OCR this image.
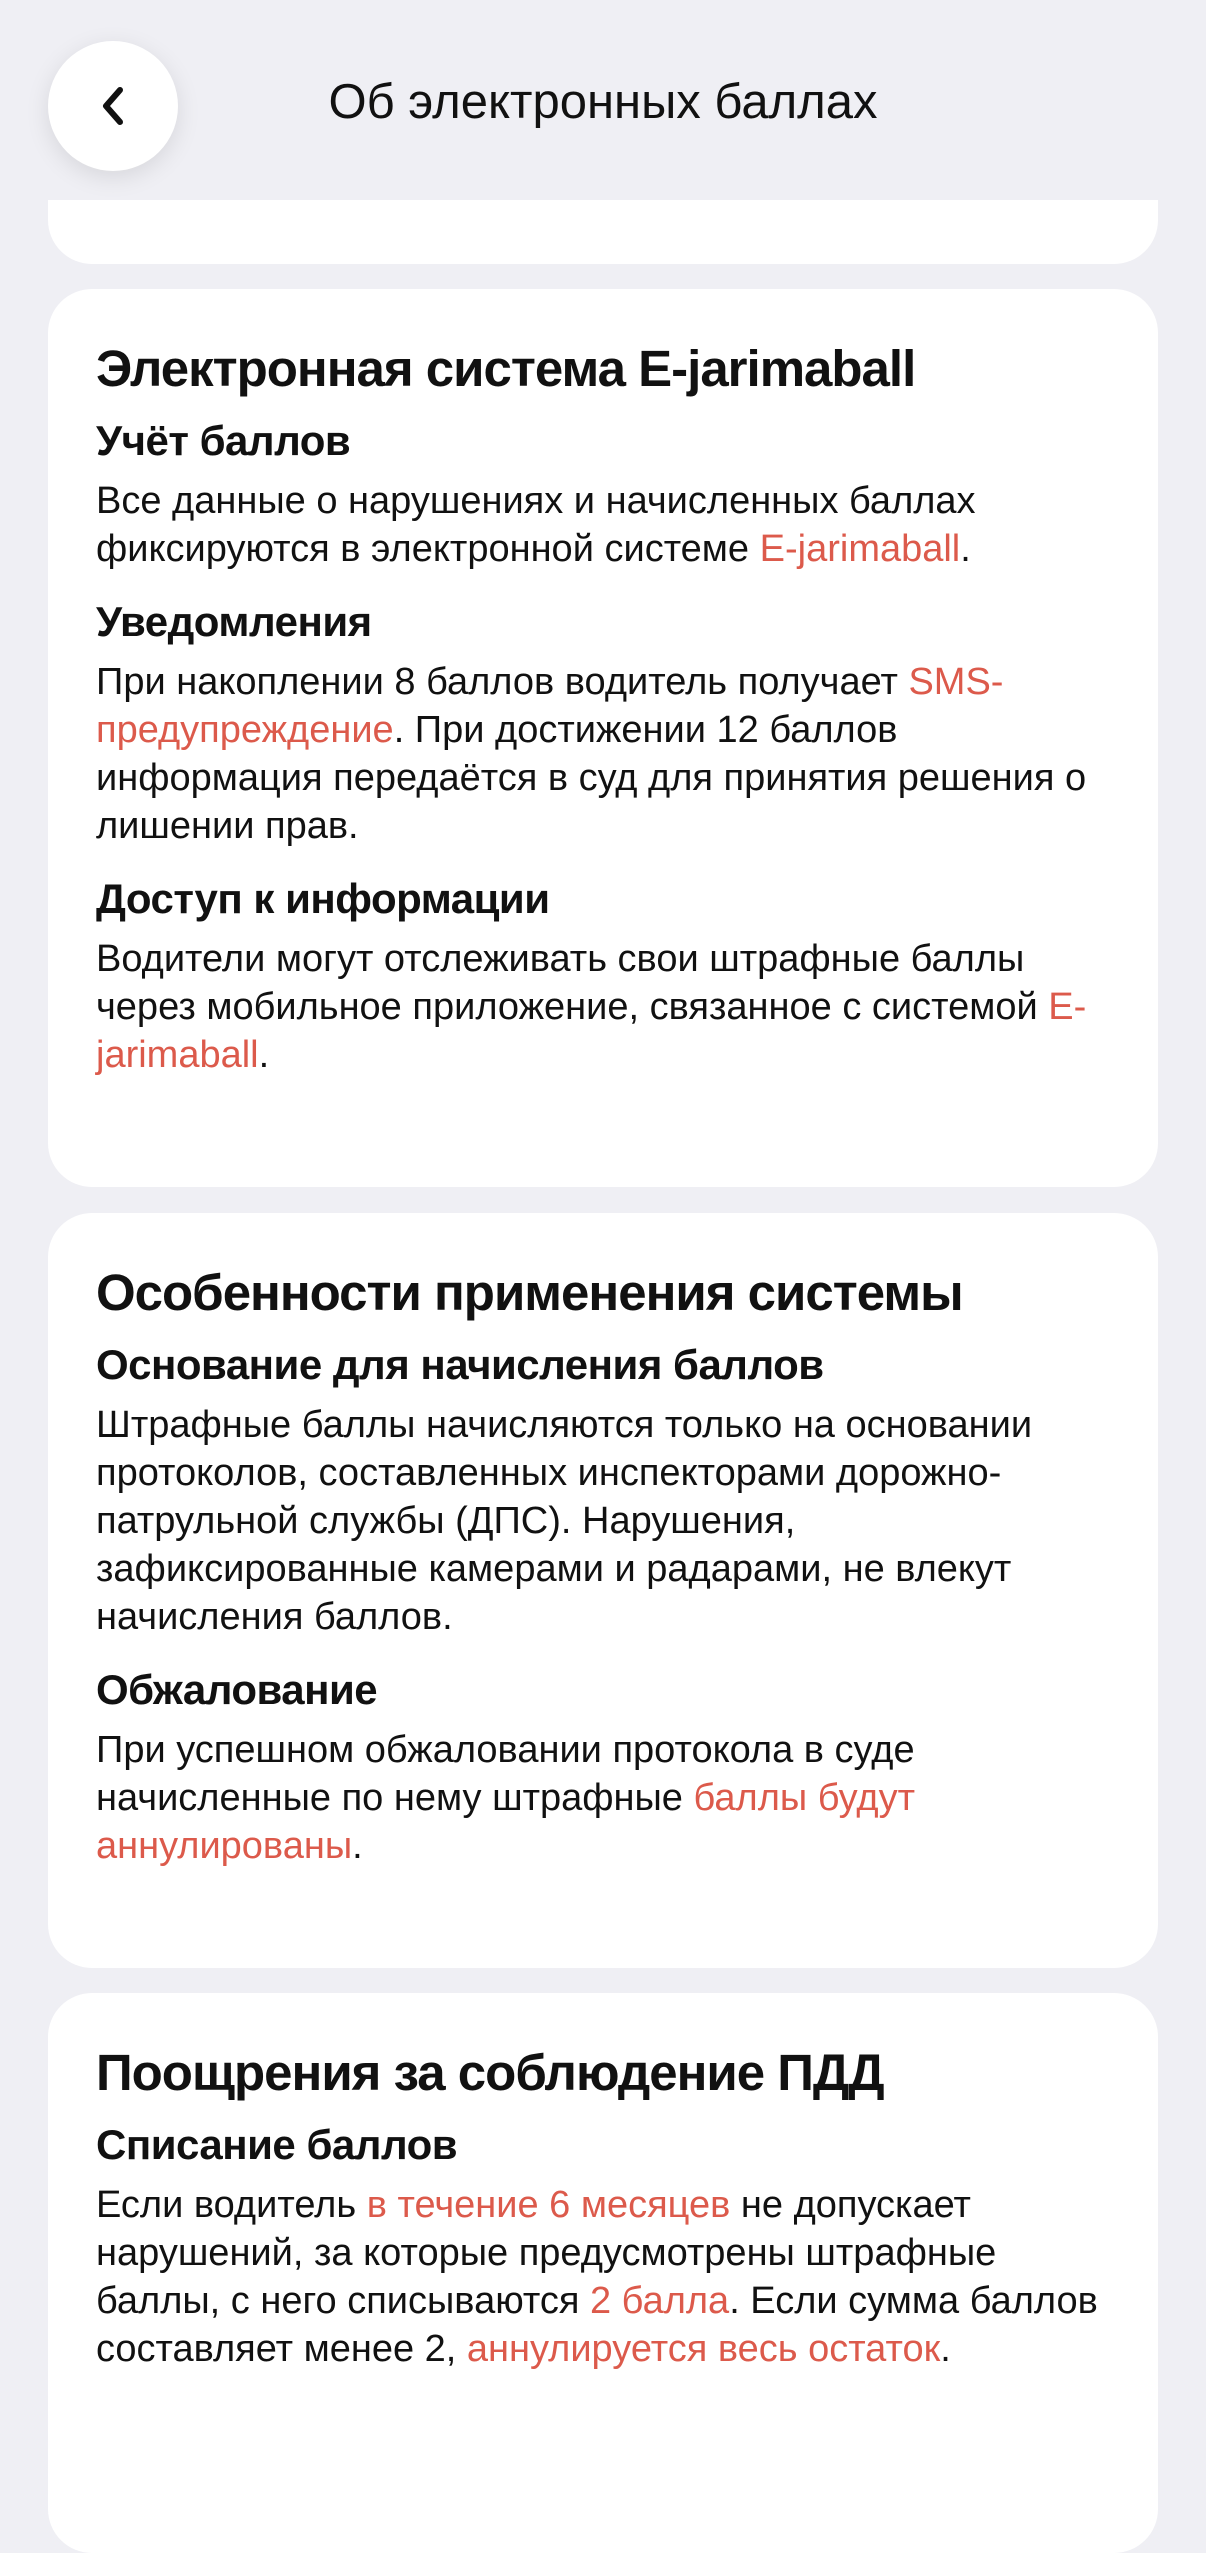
Электронная система E-jarimaball
Учёт баллов

Все данные о нарушениях и начисленных баллах фиксируются в электронной системе E-jarimaball.

Уведомления

При накоплении 8 баллов водитель получает SMS-предупреждение. При достижении 12 баллов информация передаётся в суд для принятия решения о лишении прав.

Доступ к информации

Водители могут отслеживать свои штрафные баллы через мобильное приложение, связанное с системой E-jarimaball.

Особенности применения системы
Основание для начисления баллов

Штрафные баллы начисляются только на основании протоколов, составленных инспекторами дорожно-патрульной службы (ДПС). Нарушения, зафиксированные камерами и радарами, не влекут начисления баллов.

Обжалование

При успешном обжаловании протокола в суде начисленные по нему штрафные баллы будут аннулированы.

Поощрения за соблюдение ПДД
Списание баллов

Если водитель в течение 6 месяцев не допускает нарушений, за которые предусмотрены штрафные баллы, с него списываются 2 балла. Если сумма баллов составляет менее 2, аннулируется весь остаток.

Об электронных баллах
